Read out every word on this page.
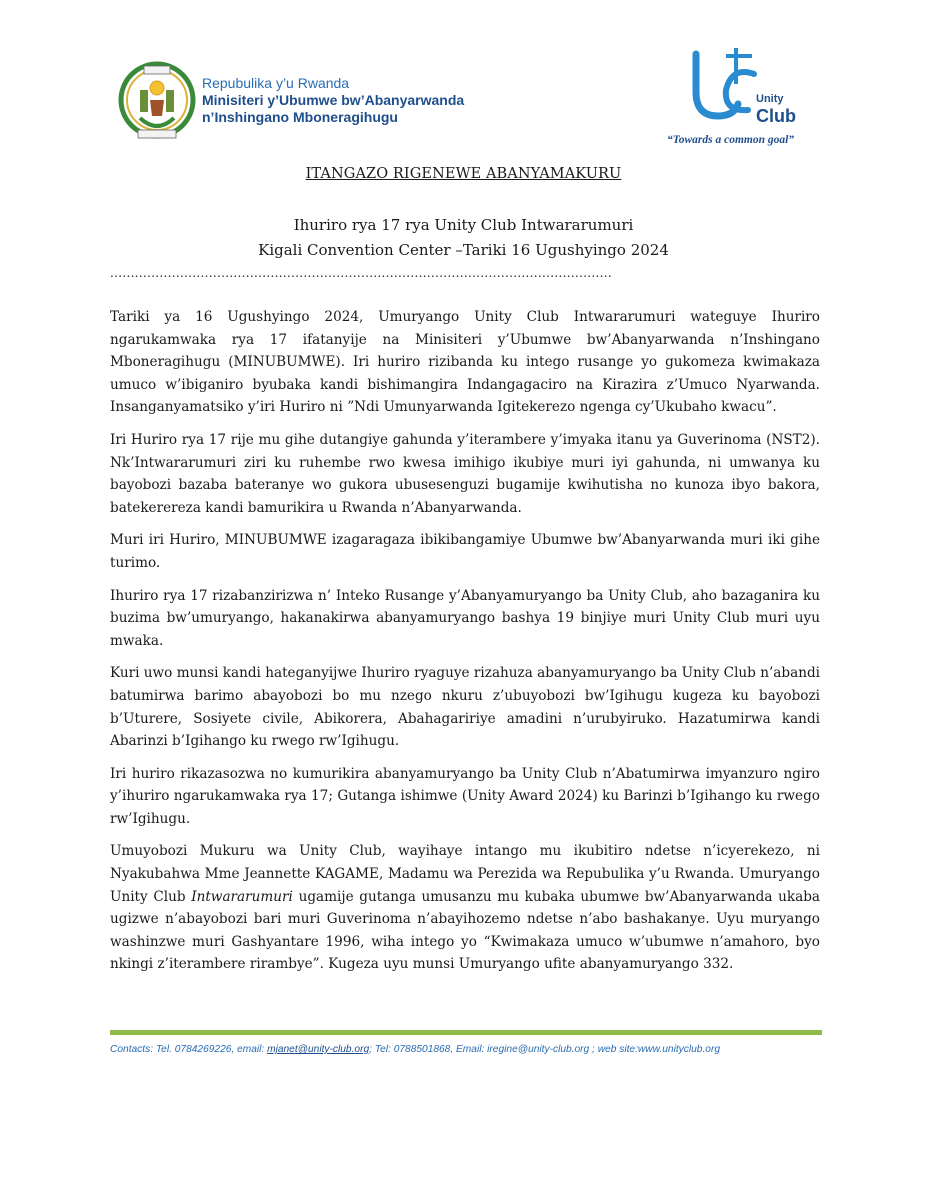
Repubulika y’u Rwanda
Minisiteri y’Ubumwe bw’Abanyarwanda
n’Inshingano Mboneragihugu
Unity
Club
“Towards a common goal”
ITANGAZO RIGENEWE ABANYAMAKURU
Ihuriro rya 17 rya Unity Club Intwararumuri
Kigali Convention Center –Tariki 16 Ugushyingo 2024
..........................................................................................................................

Tariki ya 16 Ugushyingo 2024, Umuryango Unity Club Intwararumuri wateguye Ihuriro ngarukamwaka rya 17 ifatanyije na Minisiteri y’Ubumwe bw’Abanyarwanda n’Inshingano Mboneragihugu (MINUBUMWE). Iri huriro rizibanda ku intego rusange yo gukomeza kwimakaza umuco w’ibiganiro byubaka kandi bishimangira Indangagaciro na Kirazira z’Umuco Nyarwanda. Insanganyamatsiko y’iri Huriro ni ”Ndi Umunyarwanda Igitekerezo ngenga cy’Ukubaho kwacu”.

Iri Huriro rya 17 rije mu gihe dutangiye gahunda y’iterambere y’imyaka itanu ya Guverinoma (NST2). Nk’Intwararumuri ziri ku ruhembe rwo kwesa imihigo ikubiye muri iyi gahunda, ni umwanya ku bayobozi bazaba bateranye wo gukora ubusesenguzi bugamije kwihutisha no kunoza ibyo bakora, batekerereza kandi bamurikira u Rwanda n’Abanyarwanda.

Muri iri Huriro, MINUBUMWE izagaragaza ibikibangamiye Ubumwe bw’Abanyarwanda muri iki gihe turimo.

Ihuriro rya 17 rizabanzirizwa n’ Inteko Rusange y’Abanyamuryango ba Unity Club, aho bazaganira ku buzima bw’umuryango, hakanakirwa abanyamuryango bashya 19 binjiye muri Unity Club muri uyu mwaka.

Kuri uwo munsi kandi hateganyijwe Ihuriro ryaguye rizahuza abanyamuryango ba Unity Club n’abandi batumirwa barimo abayobozi bo mu nzego nkuru z’ubuyobozi bw’Igihugu kugeza ku bayobozi b’Uturere, Sosiyete civile, Abikorera, Abahagaririye amadini n’urubyiruko. Hazatumirwa kandi Abarinzi b’Igihango ku rwego rw’Igihugu.

Iri huriro rikazasozwa no kumurikira abanyamuryango ba Unity Club n’Abatumirwa imyanzuro ngiro y’ihuriro ngarukamwaka rya 17; Gutanga ishimwe (Unity Award 2024) ku Barinzi b’Igihango ku rwego rw’Igihugu.

Umuyobozi Mukuru wa Unity Club, wayihaye intango mu ikubitiro ndetse n’icyerekezo, ni Nyakubahwa Mme Jeannette KAGAME, Madamu wa Perezida wa Repubulika y’u Rwanda. Umuryango Unity Club Intwararumuri ugamije gutanga umusanzu mu kubaka ubumwe bw’Abanyarwanda ukaba ugizwe n’abayobozi bari muri Guverinoma n’abayihozemo ndetse n’abo bashakanye. Uyu muryango washinzwe muri Gashyantare 1996, wiha intego yo “Kwimakaza umuco w’ubumwe n’amahoro, byo nkingi z’iterambere rirambye”. Kugeza uyu munsi Umuryango ufite abanyamuryango 332.

Contacts: Tel. 0784269226, email: mjanet@unity-club.org; Tel: 0788501868, Email: iregine@unity-club.org ; web site:www.unityclub.org
